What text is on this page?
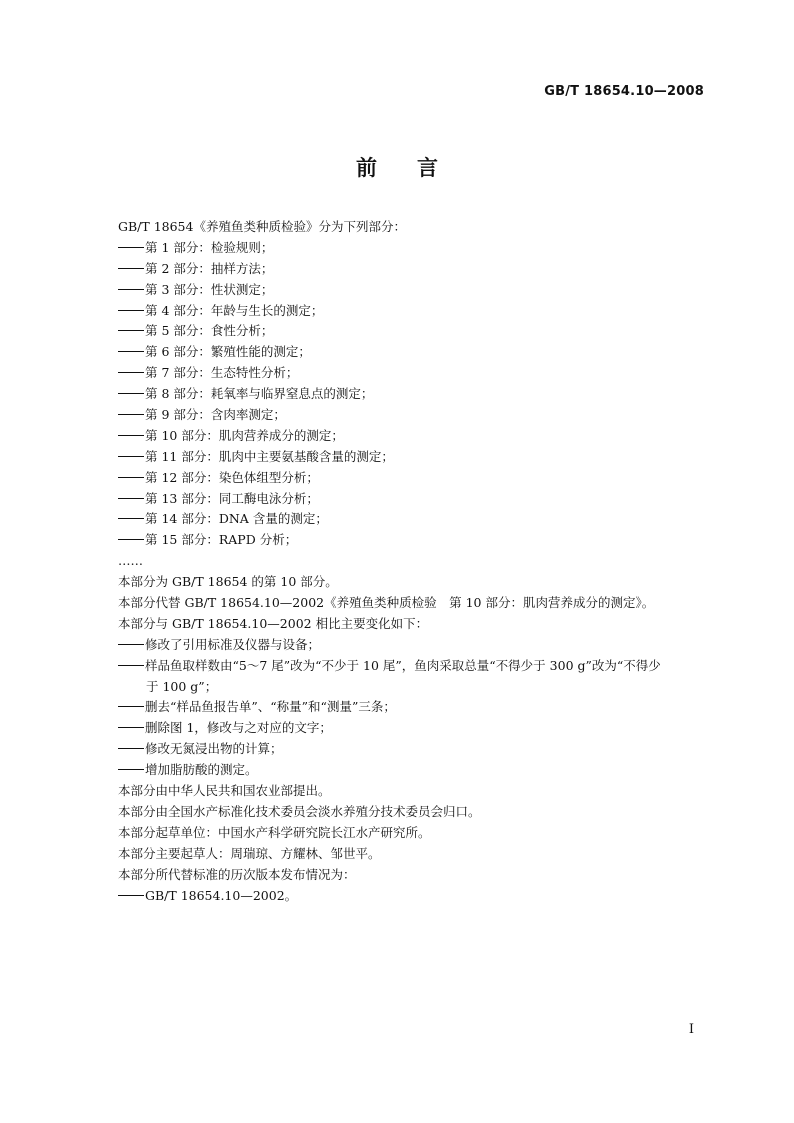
GB/T 18654.10—2008
前言
GB/T 18654《养殖鱼类种质检验》分为下列部分：
第 1 部分：检验规则；
第 2 部分：抽样方法；
第 3 部分：性状测定；
第 4 部分：年龄与生长的测定；
第 5 部分：食性分析；
第 6 部分：繁殖性能的测定；
第 7 部分：生态特性分析；
第 8 部分：耗氧率与临界窒息点的测定；
第 9 部分：含肉率测定；
第 10 部分：肌肉营养成分的测定；
第 11 部分：肌肉中主要氨基酸含量的测定；
第 12 部分：染色体组型分析；
第 13 部分：同工酶电泳分析；
第 14 部分：DNA 含量的测定；
第 15 部分：RAPD 分析；
……
本部分为 GB/T 18654 的第 10 部分。
本部分代替 GB/T 18654.10—2002《养殖鱼类种质检验　第 10 部分：肌肉营养成分的测定》。
本部分与 GB/T 18654.10—2002 相比主要变化如下：
修改了引用标准及仪器与设备；
样品鱼取样数由“5～7 尾”改为“不少于 10 尾”，鱼肉采取总量“不得少于 300 g”改为“不得少
于 100 g”；
删去“样品鱼报告单”、“称量”和“测量”三条；
删除图 1，修改与之对应的文字；
修改无氮浸出物的计算；
增加脂肪酸的测定。
本部分由中华人民共和国农业部提出。
本部分由全国水产标准化技术委员会淡水养殖分技术委员会归口。
本部分起草单位：中国水产科学研究院长江水产研究所。
本部分主要起草人：周瑞琼、方耀林、邹世平。
本部分所代替标准的历次版本发布情况为：
GB/T 18654.10—2002。
I
